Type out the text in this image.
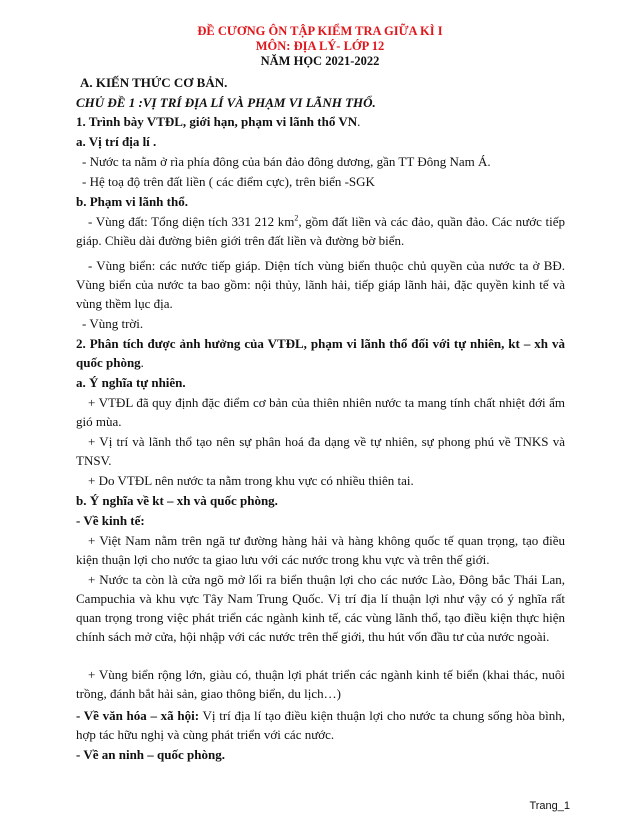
ĐỀ CƯƠNG ÔN TẬP KIỂM TRA GIỮA KÌ I
MÔN: ĐỊA LÝ- LỚP 12
NĂM HỌC 2021-2022
A. KIẾN THỨC CƠ BẢN.
CHỦ ĐỀ 1 :VỊ TRÍ ĐỊA LÍ VÀ PHẠM VI LÃNH THỔ.
1. Trình bày VTĐL, giới hạn, phạm vi lãnh thổ VN.
a. Vị trí địa lí .
- Nước ta nằm ở rìa phía đông của bán đảo đông dương, gần TT Đông Nam Á.
- Hệ toạ độ trên đất liền ( các điểm cực), trên biển -SGK
b. Phạm vi lãnh thổ.
- Vùng đất: Tổng diện tích 331 212 $km^2$, gồm đất liền và các đảo, quần đảo. Các nước tiếp giáp. Chiều dài đường biên giới trên đất liền và đường bờ biển.
- Vùng biển: các nước tiếp giáp. Diện tích vùng biển thuộc chủ quyền của nước ta ở BĐ. Vùng biển của nước ta bao gồm: nội thủy, lãnh hải, tiếp giáp lãnh hải, đặc quyền kinh tế và vùng thềm lục địa.
- Vùng trời.
2. Phân tích được ảnh hưởng của VTĐL, phạm vi lãnh thổ đối với tự nhiên, kt – xh và quốc phòng.
a. Ý nghĩa tự nhiên.
+ VTĐL đã quy định đặc điểm cơ bản của thiên nhiên nước ta mang tính chất nhiệt đới ẩm gió mùa.
+ Vị trí và lãnh thổ tạo nên sự phân hoá đa dạng về tự nhiên, sự phong phú về TNKS và TNSV.
+ Do VTĐL nên nước ta nằm trong khu vực có nhiều thiên tai.
b. Ý nghĩa về kt – xh và quốc phòng.
- Về kinh tế:
+ Việt Nam nằm trên ngã tư đường hàng hải và hàng không quốc tế quan trọng, tạo điều kiện thuận lợi cho nước ta giao lưu với các nước trong khu vực và trên thế giới.
+ Nước ta còn là cửa ngõ mở lối ra biển thuận lợi cho các nước Lào, Đông bắc Thái Lan, Campuchia và khu vực Tây Nam Trung Quốc. Vị trí địa lí thuận lợi như vậy có ý nghĩa rất quan trọng trong việc phát triển các ngành kinh tế, các vùng lãnh thổ, tạo điều kiện thực hiện chính sách mở cửa, hội nhập với các nước trên thế giới, thu hút vốn đầu tư của nước ngoài.
+ Vùng biển rộng lớn, giàu có, thuận lợi phát triển các ngành kinh tế biển (khai thác, nuôi trồng, đánh bắt hải sản, giao thông biển, du lịch…)
- Về văn hóa – xã hội: Vị trí địa lí tạo điều kiện thuận lợi cho nước ta chung sống hòa bình, hợp tác hữu nghị và cùng phát triển với các nước.
- Về an ninh – quốc phòng.
Trang_1
